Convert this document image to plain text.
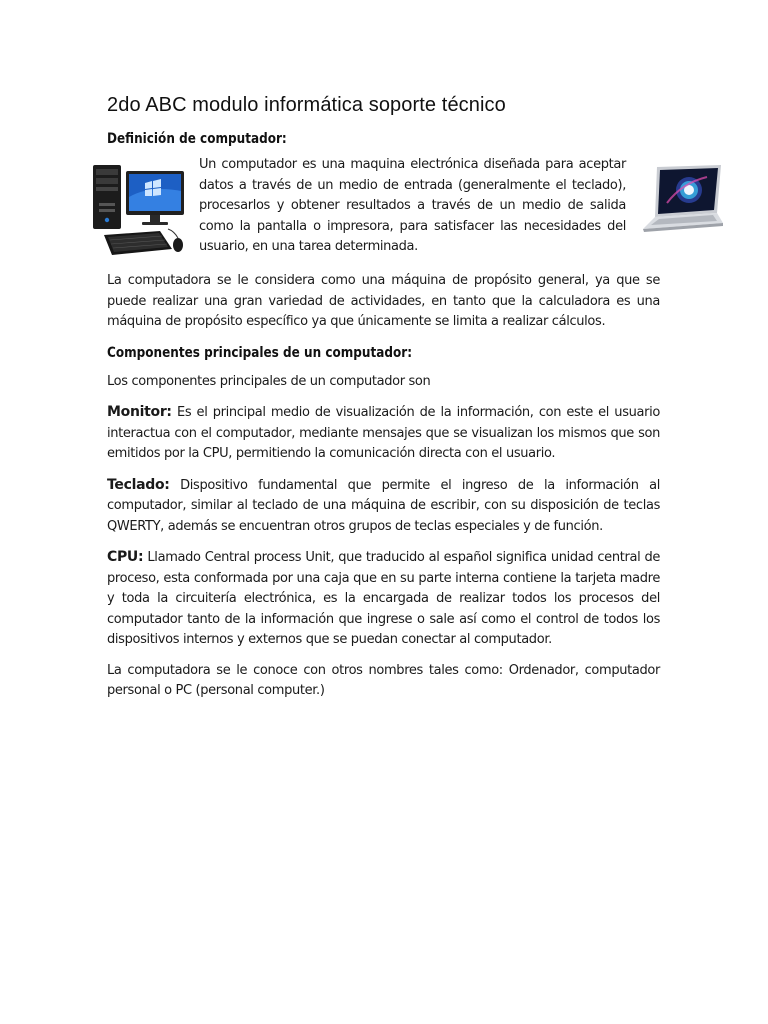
2do ABC modulo informática soporte técnico
Definición de computador:

Un computador es una maquina electrónica diseñada para aceptar datos a través de un medio de entrada (generalmente el teclado), procesarlos y obtener resultados a través de un medio de salida como la pantalla o impresora, para satisfacer las necesidades del usuario, en una tarea determinada.

La computadora se le considera como una máquina de propósito general, ya que se puede realizar una gran variedad de actividades, en tanto que la calculadora es una máquina de propósito específico ya que únicamente se limita a realizar cálculos.

Componentes principales de un computador:

Los componentes principales de un computador son

Monitor: Es el principal medio de visualización de la información, con este el usuario interactua con el computador, mediante mensajes que se visualizan los mismos que son emitidos por la CPU, permitiendo la comunicación directa con el usuario.

Teclado: Dispositivo fundamental que permite el ingreso de la información al computador, similar al teclado de una máquina de escribir, con su disposición de teclas QWERTY, además se encuentran otros grupos de teclas especiales y de función.

CPU: Llamado Central process Unit, que traducido al español significa unidad central de proceso, esta conformada por una caja que en su parte interna contiene la tarjeta madre y toda la circuitería electrónica, es la encargada de realizar todos los procesos del computador tanto de la información que ingrese o sale así como el control de todos los dispositivos internos y externos que se puedan conectar al computador.

La computadora se le conoce con otros nombres tales como: Ordenador, computador personal o PC (personal computer.)
